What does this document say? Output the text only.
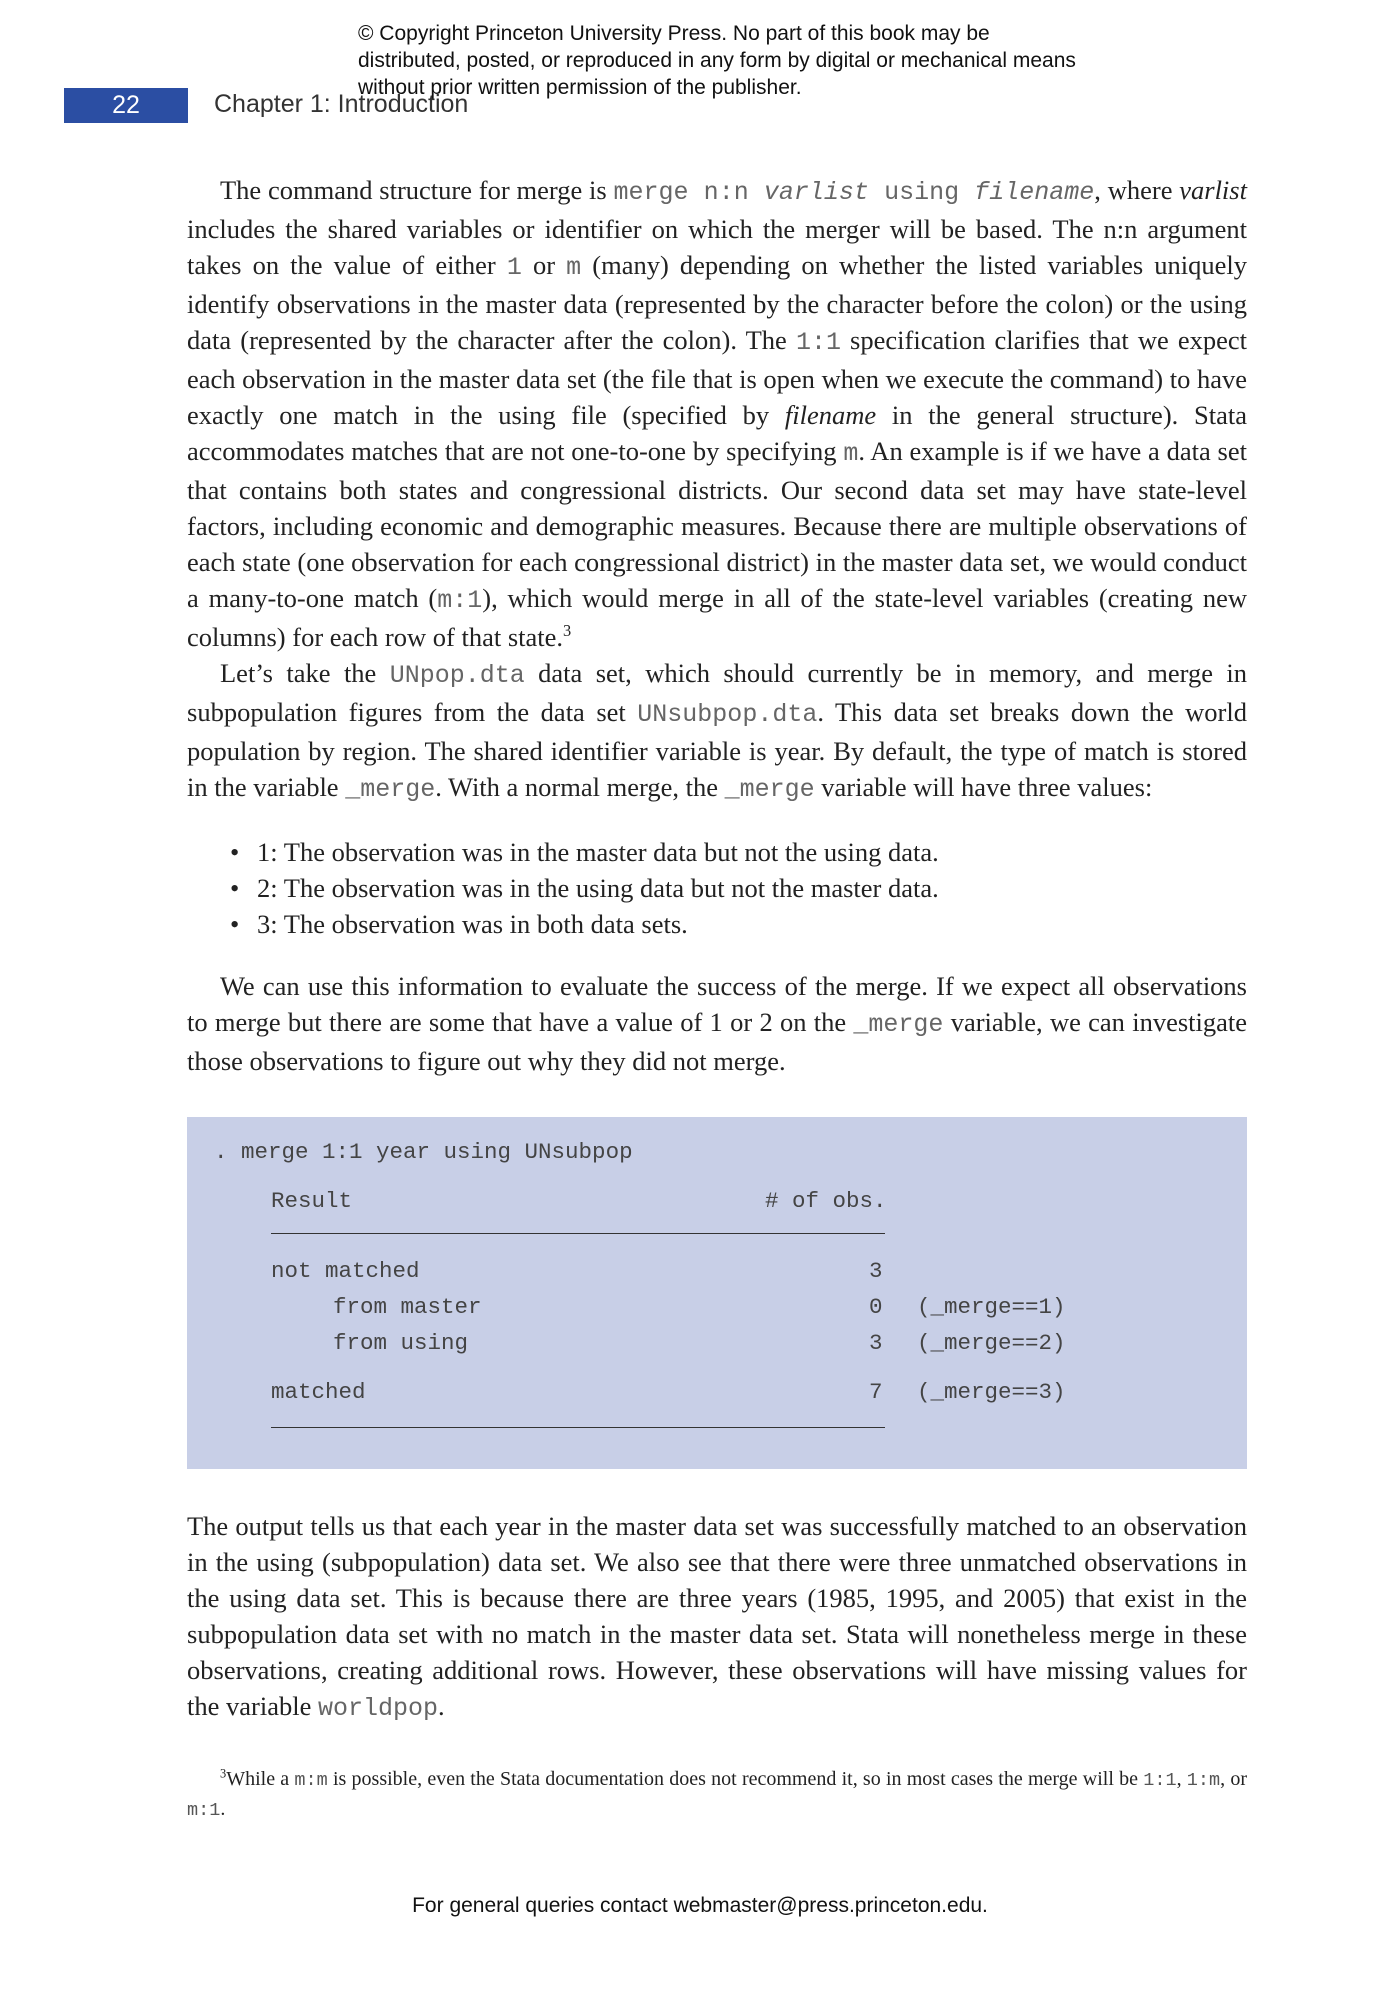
© Copyright Princeton University Press. No part of this book may be distributed, posted, or reproduced in any form by digital or mechanical means without prior written permission of the publisher.
22	Chapter 1: Introduction

The command structure for merge is merge n:n varlist using filename, where varlist includes the shared variables or identifier on which the merger will be based. The n:n argument takes on the value of either 1 or m (many) depending on whether the listed variables uniquely identify observations in the master data (represented by the character before the colon) or the using data (represented by the character after the colon). The 1:1 specification clarifies that we expect each observation in the master data set (the file that is open when we execute the command) to have exactly one match in the using file (specified by filename in the general structure). Stata accommodates matches that are not one-to-one by specifying m. An example is if we have a data set that contains both states and congressional districts. Our second data set may have state-level factors, including economic and demographic measures. Because there are multiple observations of each state (one observation for each congressional district) in the master data set, we would conduct a many-to-one match (m:1), which would merge in all of the state-level variables (creating new columns) for each row of that state.$^3$

Let’s take the UNpop.dta data set, which should currently be in memory, and merge in subpopulation figures from the data set UNsubpop.dta. This data set breaks down the world population by region. The shared identifier variable is year. By default, the type of match is stored in the variable _merge. With a normal merge, the _merge variable will have three values:

• 1: The observation was in the master data but not the using data.
• 2: The observation was in the using data but not the master data.
• 3: The observation was in both data sets.

We can use this information to evaluate the success of the merge. If we expect all observations to merge but there are some that have a value of 1 or 2 on the _merge variable, we can investigate those observations to figure out why they did not merge.

. merge 1:1 year using UNsubpop
Result	# of obs.
not matched	3
from master	0 (_merge==1)
from using	3 (_merge==2)
matched	7 (_merge==3)

The output tells us that each year in the master data set was successfully matched to an observation in the using (subpopulation) data set. We also see that there were three unmatched observations in the using data set. This is because there are three years (1985, 1995, and 2005) that exist in the subpopulation data set with no match in the master data set. Stata will nonetheless merge in these observations, creating additional rows. However, these observations will have missing values for the variable worldpop.

$^3$While a m:m is possible, even the Stata documentation does not recommend it, so in most cases the merge will be 1:1, 1:m, or m:1.
For general queries contact webmaster@press.princeton.edu.
